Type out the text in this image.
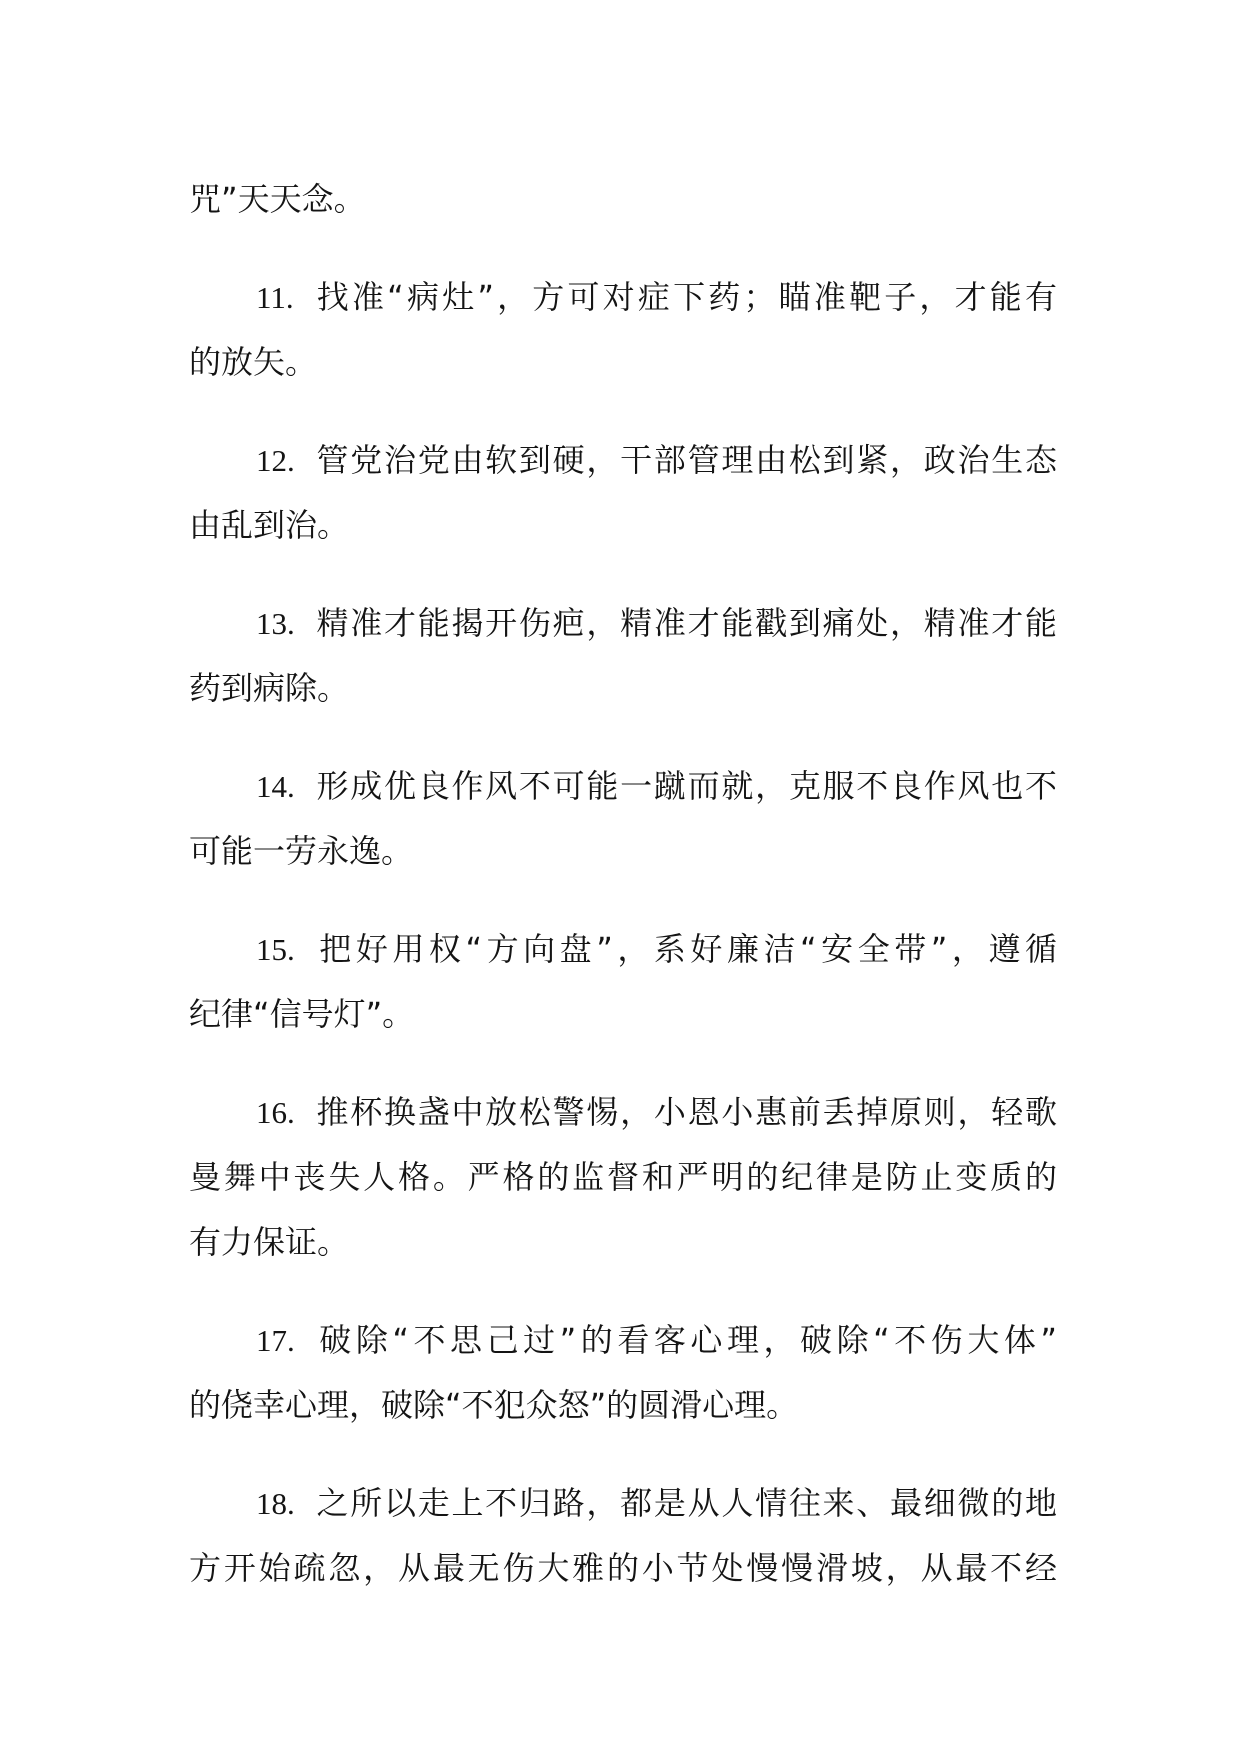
咒”天天念。
11. 找准“病灶”，方可对症下药；瞄准靶子，才能有
的放矢。
12. 管党治党由软到硬，干部管理由松到紧，政治生态
由乱到治。
13. 精准才能揭开伤疤，精准才能戳到痛处，精准才能
药到病除。
14. 形成优良作风不可能一蹴而就，克服不良作风也不
可能一劳永逸。
15. 把好用权“方向盘”，系好廉洁“安全带”，遵循
纪律“信号灯”。
16. 推杯换盏中放松警惕，小恩小惠前丢掉原则，轻歌
曼舞中丧失人格。严格的监督和严明的纪律是防止变质的
有力保证。
17. 破除“不思己过”的看客心理，破除“不伤大体”
的侥幸心理，破除“不犯众怒”的圆滑心理。
18. 之所以走上不归路，都是从人情往来、最细微的地
方开始疏忽，从最无伤大雅的小节处慢慢滑坡，从最不经
